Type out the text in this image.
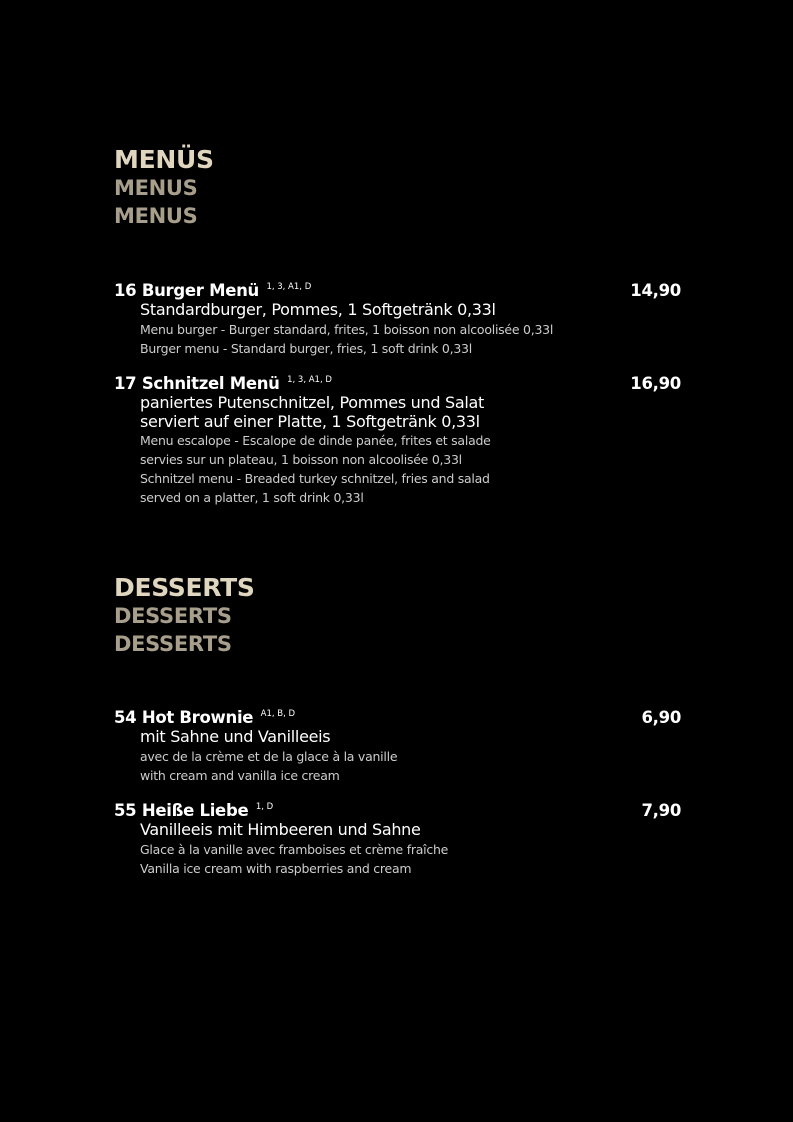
MENÜS
MENUS
MENUS
16 Burger Menü $^{1, 3, A1, D}$	14,90
Standardburger, Pommes, 1 Softgetränk 0,33l
Menu burger - Burger standard, frites, 1 boisson non alcoolisée 0,33l
Burger menu - Standard burger, fries, 1 soft drink 0,33l
17 Schnitzel Menü $^{1, 3, A1, D}$	16,90
paniertes Putenschnitzel, Pommes und Salat
serviert auf einer Platte, 1 Softgetränk 0,33l
Menu escalope - Escalope de dinde panée, frites et salade
servies sur un plateau, 1 boisson non alcoolisée 0,33l
Schnitzel menu - Breaded turkey schnitzel, fries and salad
served on a platter, 1 soft drink 0,33l
DESSERTS
DESSERTS
DESSERTS
54 Hot Brownie $^{A1, B, D}$	6,90
mit Sahne und Vanilleeis
avec de la crème et de la glace à la vanille
with cream and vanilla ice cream
55 Heiße Liebe $^{1, D}$	7,90
Vanilleeis mit Himbeeren und Sahne
Glace à la vanille avec framboises et crème fraîche
Vanilla ice cream with raspberries and cream
